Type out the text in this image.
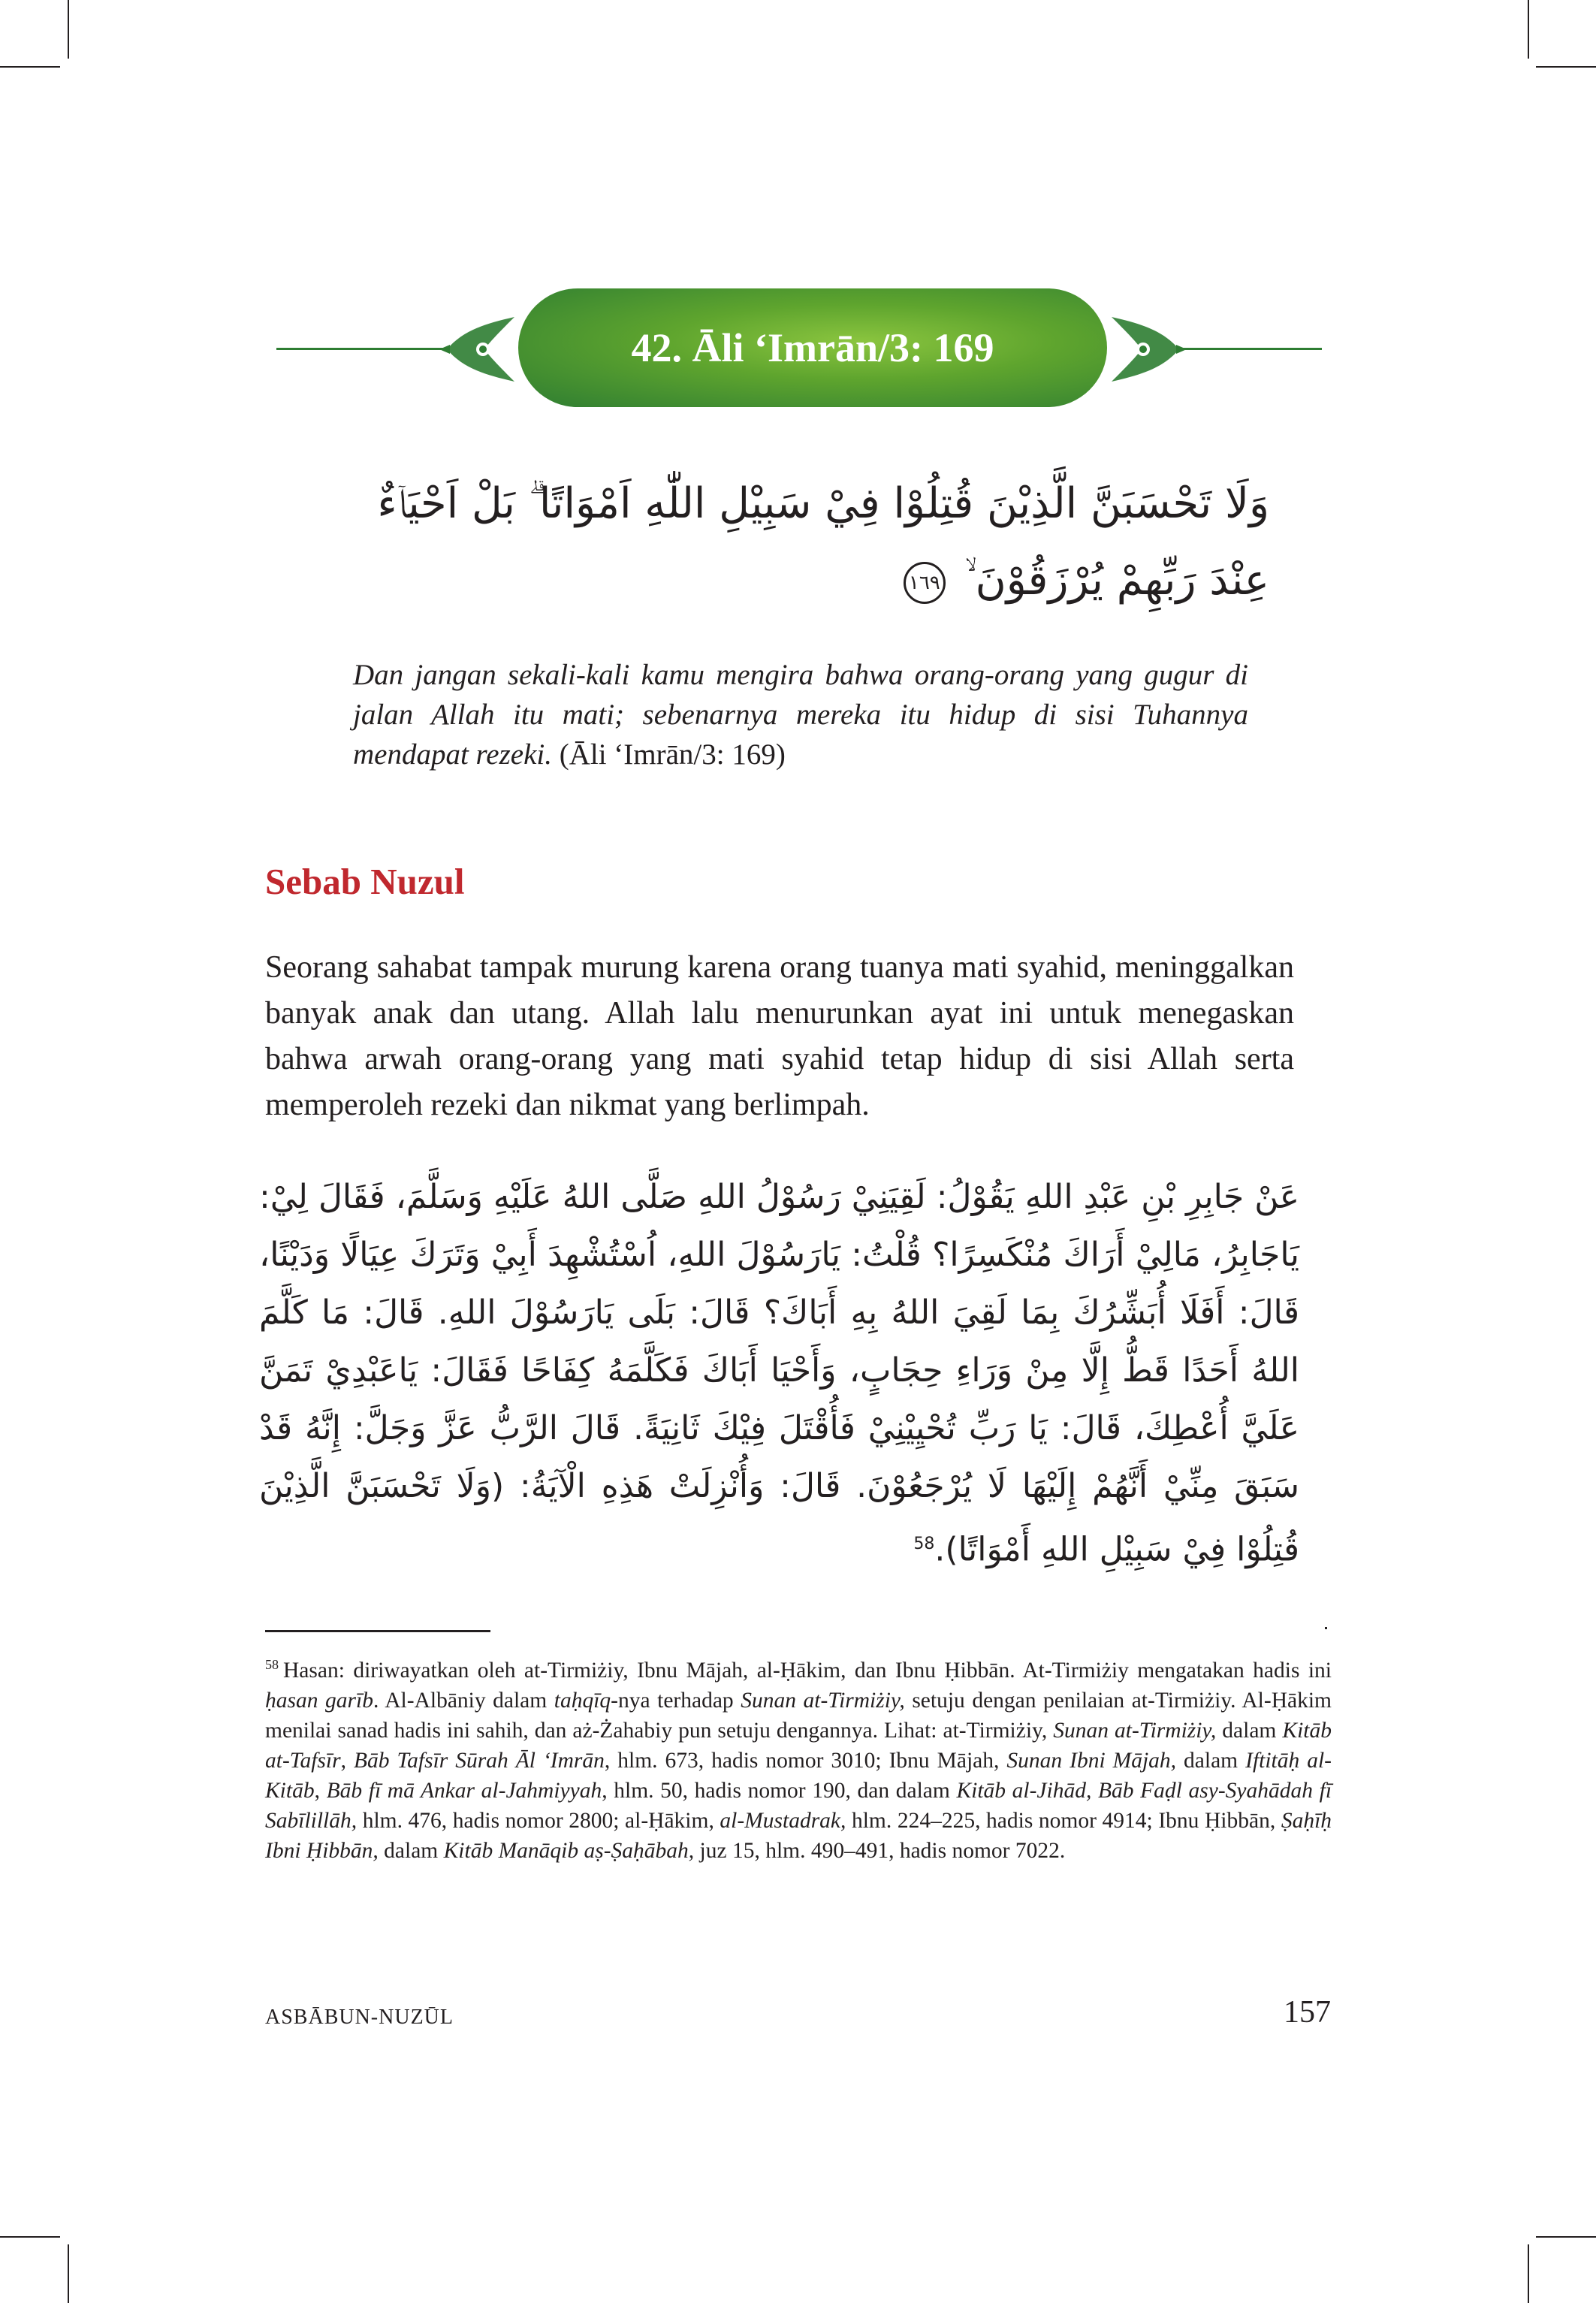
42. Āli ‘Imrān/3: 169
وَلَا تَحْسَبَنَّ الَّذِيْنَ قُتِلُوْا فِيْ سَبِيْلِ اللّٰهِ اَمْوَاتًا ۗ بَلْ اَحْيَاۤءٌ عِنْدَ رَبِّهِمْ يُرْزَقُوْنَ ۙ ١٦٩
Dan jangan sekali-kali kamu mengira bahwa orang-orang yang gugur di jalan Allah itu mati; sebenarnya mereka itu hidup di sisi Tuhannya mendapat rezeki. (Āli ‘Imrān/3: 169)
Sebab Nuzul
Seorang sahabat tampak murung karena orang tuanya mati syahid, meninggalkan banyak anak dan utang. Allah lalu menurunkan ayat ini untuk menegaskan bahwa arwah orang-orang yang mati syahid tetap hidup di sisi Allah serta memperoleh rezeki dan nikmat yang berlimpah.
عَنْ جَابِرِ بْنِ عَبْدِ اللهِ يَقُوْلُ: لَقِيَنِيْ رَسُوْلُ اللهِ صَلَّى اللهُ عَلَيْهِ وَسَلَّمَ، فَقَالَ لِيْ: يَاجَابِرُ، مَالِيْ أَرَاكَ مُنْكَسِرًا؟ قُلْتُ: يَارَسُوْلَ اللهِ، اُسْتُشْهِدَ أَبِيْ وَتَرَكَ عِيَالًا وَدَيْنًا، قَالَ: أَفَلَا أُبَشِّرُكَ بِمَا لَقِيَ اللهُ بِهِ أَبَاكَ؟ قَالَ: بَلَى يَارَسُوْلَ اللهِ. قَالَ: مَا كَلَّمَ اللهُ أَحَدًا قَطُّ إِلَّا مِنْ وَرَاءِ حِجَابٍ، وَأَحْيَا أَبَاكَ فَكَلَّمَهُ كِفَاحًا فَقَالَ: يَاعَبْدِيْ تَمَنَّ عَلَيَّ أُعْطِكَ، قَالَ: يَا رَبِّ تُحْيِيْنِيْ فَأُقْتَلَ فِيْكَ ثَانِيَةً. قَالَ الرَّبُّ عَزَّ وَجَلَّ: إِنَّهُ قَدْ سَبَقَ مِنِّيْ أَنَّهُمْ إِلَيْهَا لَا يُرْجَعُوْنَ. قَالَ: وَأُنْزِلَتْ هَذِهِ الْآيَةُ: (وَلَا تَحْسَبَنَّ الَّذِيْنَ قُتِلُوْا فِيْ سَبِيْلِ اللهِ أَمْوَاتًا).$^{58}$
$^{58}$ Hasan: diriwayatkan oleh at-Tirmiżiy, Ibnu Mājah, al-Ḥākim, dan Ibnu Ḥibbān. At-Tirmiżiy mengatakan hadis ini ḥasan garīb. Al-Albāniy dalam taḥqīq-nya terhadap Sunan at-Tirmiżiy, setuju dengan penilaian at-Tirmiżiy. Al-Ḥākim menilai sanad hadis ini sahih, dan aż-Żahabiy pun setuju dengannya. Lihat: at-Tirmiżiy, Sunan at-Tirmiżiy, dalam Kitāb at-Tafsīr, Bāb Tafsīr Sūrah Āl ‘Imrān, hlm. 673, hadis nomor 3010; Ibnu Mājah, Sunan Ibni Mājah, dalam Iftitāḥ al-Kitāb, Bāb fī mā Ankar al-Jahmiyyah, hlm. 50, hadis nomor 190, dan dalam Kitāb al-Jihād, Bāb Faḍl asy-Syahādah fī Sabīlillāh, hlm. 476, hadis nomor 2800; al-Ḥākim, al-Mustadrak, hlm. 224–225, hadis nomor 4914; Ibnu Ḥibbān, Ṣaḥīḥ Ibni Ḥibbān, dalam Kitāb Manāqib aṣ-Ṣaḥābah, juz 15, hlm. 490–491, hadis nomor 7022.
ASBĀBUN-NUZŪL	157
